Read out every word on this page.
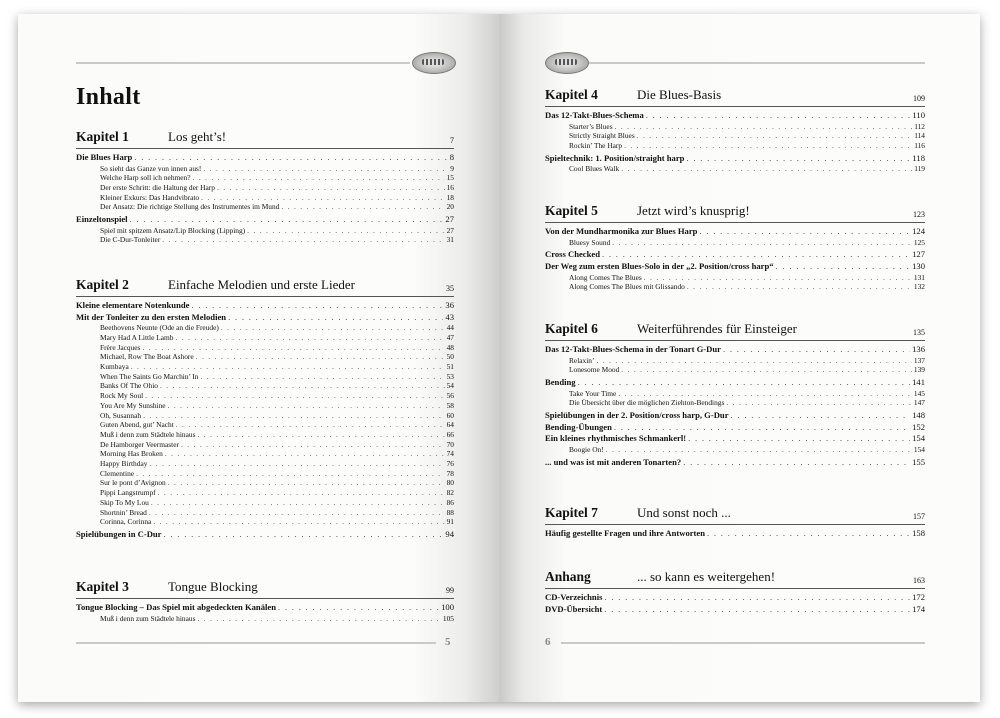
Inhalt
Kapitel 1	Los geht’s!	7
Die Blues Harp . . .	8
So sieht das Ganze von innen aus! . . .	9
Welche Harp soll ich nehmen? . . .	15
Der erste Schritt: die Haltung der Harp . . .	16
Kleiner Exkurs: Das Handvibrato . . .	18
Der Ansatz: Die richtige Stellung des Instrumentes im Mund . . .	20
Einzeltonspiel . . .	27
Spiel mit spitzem Ansatz/Lip Blocking (Lipping) . . .	27
Die C-Dur-Tonleiter . . .	31
Kapitel 2	Einfache Melodien und erste Lieder	35
Kleine elementare Notenkunde . . .	36
Mit der Tonleiter zu den ersten Melodien . . .	43
Beethovens Neunte (Ode an die Freude) . . .	44
Mary Had A Little Lamb . . .	47
Frère Jacques . . .	48
Michael, Row The Boat Ashore . . .	50
Kumbaya . . .	51
When The Saints Go Marchin’ In . . .	53
Banks Of The Ohio . . .	54
Rock My Soul . . .	56
You Are My Sunshine . . .	58
Oh, Susannah . . .	60
Guten Abend, gut’ Nacht . . .	64
Muß i denn zum Städtele hinaus . . .	66
De Hamborger Veermaster . . .	70
Morning Has Broken . . .	74
Happy Birthday . . .	76
Clementine . . .	78
Sur le pont d’Avignon . . .	80
Pippi Langstrumpf . . .	82
Skip To My Lou . . .	86
Shortnin’ Bread . . .	88
Corinna, Corinna . . .	91
Spielübungen in C-Dur . . .	94
Kapitel 3	Tongue Blocking	99
Tongue Blocking – Das Spiel mit abgedeckten Kanälen . . .	100
Muß i denn zum Städtele hinaus . . .	105
5
Kapitel 4	Die Blues-Basis	109
Das 12-Takt-Blues-Schema . . .	110
Starter’s Blues . . .	112
Strictly Straight Blues . . .	114
Rockin’ The Harp . . .	116
Spieltechnik: 1. Position/straight harp . . .	118
Cool Blues Walk . . .	119
Kapitel 5	Jetzt wird’s knusprig!	123
Von der Mundharmonika zur Blues Harp . . .	124
Bluesy Sound . . .	125
Cross Checked . . .	127
Der Weg zum ersten Blues-Solo in der „2. Position/cross harp“ . . .	130
Along Comes The Blues . . .	131
Along Comes The Blues mit Glissando . . .	132
Kapitel 6	Weiterführendes für Einsteiger	135
Das 12-Takt-Blues-Schema in der Tonart G-Dur . . .	136
Relaxin’ . . .	137
Lonesome Mood . . .	139
Bending . . .	141
Take Your Time . . .	145
Die Übersicht über die möglichen Ziehton-Bendings . . .	147
Spielübungen in der 2. Position/cross harp, G-Dur . . .	148
Bending-Übungen . . .	152
Ein kleines rhythmisches Schmankerl! . . .	154
Boogie On! . . .	154
... und was ist mit anderen Tonarten? . . .	155
Kapitel 7	Und sonst noch ...	157
Häufig gestellte Fragen und ihre Antworten . . .	158
Anhang	... so kann es weitergehen!	163
CD-Verzeichnis . . .	172
DVD-Übersicht . . .	174
6
